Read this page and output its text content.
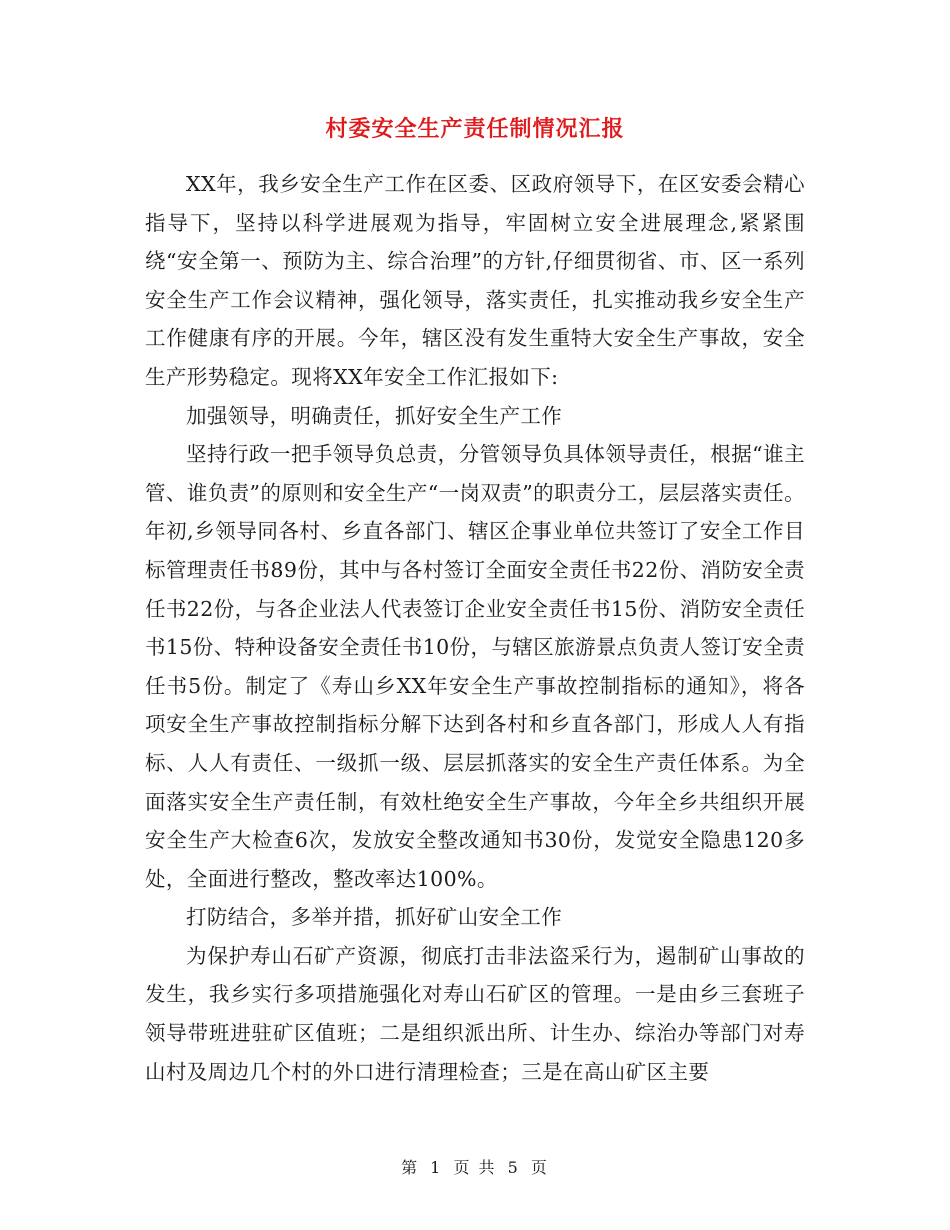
村委安全生产责任制情况汇报

XX年，我乡安全生产工作在区委、区政府领导下，在区安委会精心指导下，坚持以科学进展观为指导，牢固树立安全进展理念,紧紧围绕“安全第一、预防为主、综合治理”的方针,仔细贯彻省、市、区一系列安全生产工作会议精神，强化领导，落实责任，扎实推动我乡安全生产工作健康有序的开展。今年，辖区没有发生重特大安全生产事故，安全生产形势稳定。现将XX年安全工作汇报如下:

加强领导，明确责任，抓好安全生产工作

坚持行政一把手领导负总责，分管领导负具体领导责任，根据“谁主管、谁负责”的原则和安全生产“一岗双责”的职责分工，层层落实责任。年初,乡领导同各村、乡直各部门、辖区企事业单位共签订了安全工作目标管理责任书89份，其中与各村签订全面安全责任书22份、消防安全责任书22份，与各企业法人代表签订企业安全责任书15份、消防安全责任书15份、特种设备安全责任书10份，与辖区旅游景点负责人签订安全责任书5份。制定了《寿山乡XX年安全生产事故控制指标的通知》，将各项安全生产事故控制指标分解下达到各村和乡直各部门，形成人人有指标、人人有责任、一级抓一级、层层抓落实的安全生产责任体系。为全面落实安全生产责任制，有效杜绝安全生产事故，今年全乡共组织开展安全生产大检查6次，发放安全整改通知书30份，发觉安全隐患120多处，全面进行整改，整改率达100%。

打防结合，多举并措，抓好矿山安全工作

为保护寿山石矿产资源，彻底打击非法盗采行为，遏制矿山事故的发生，我乡实行多项措施强化对寿山石矿区的管理。一是由乡三套班子领导带班进驻矿区值班；二是组织派出所、计生办、综治办等部门对寿山村及周边几个村的外口进行清理检查；三是在高山矿区主要

第 1 页 共 5 页
